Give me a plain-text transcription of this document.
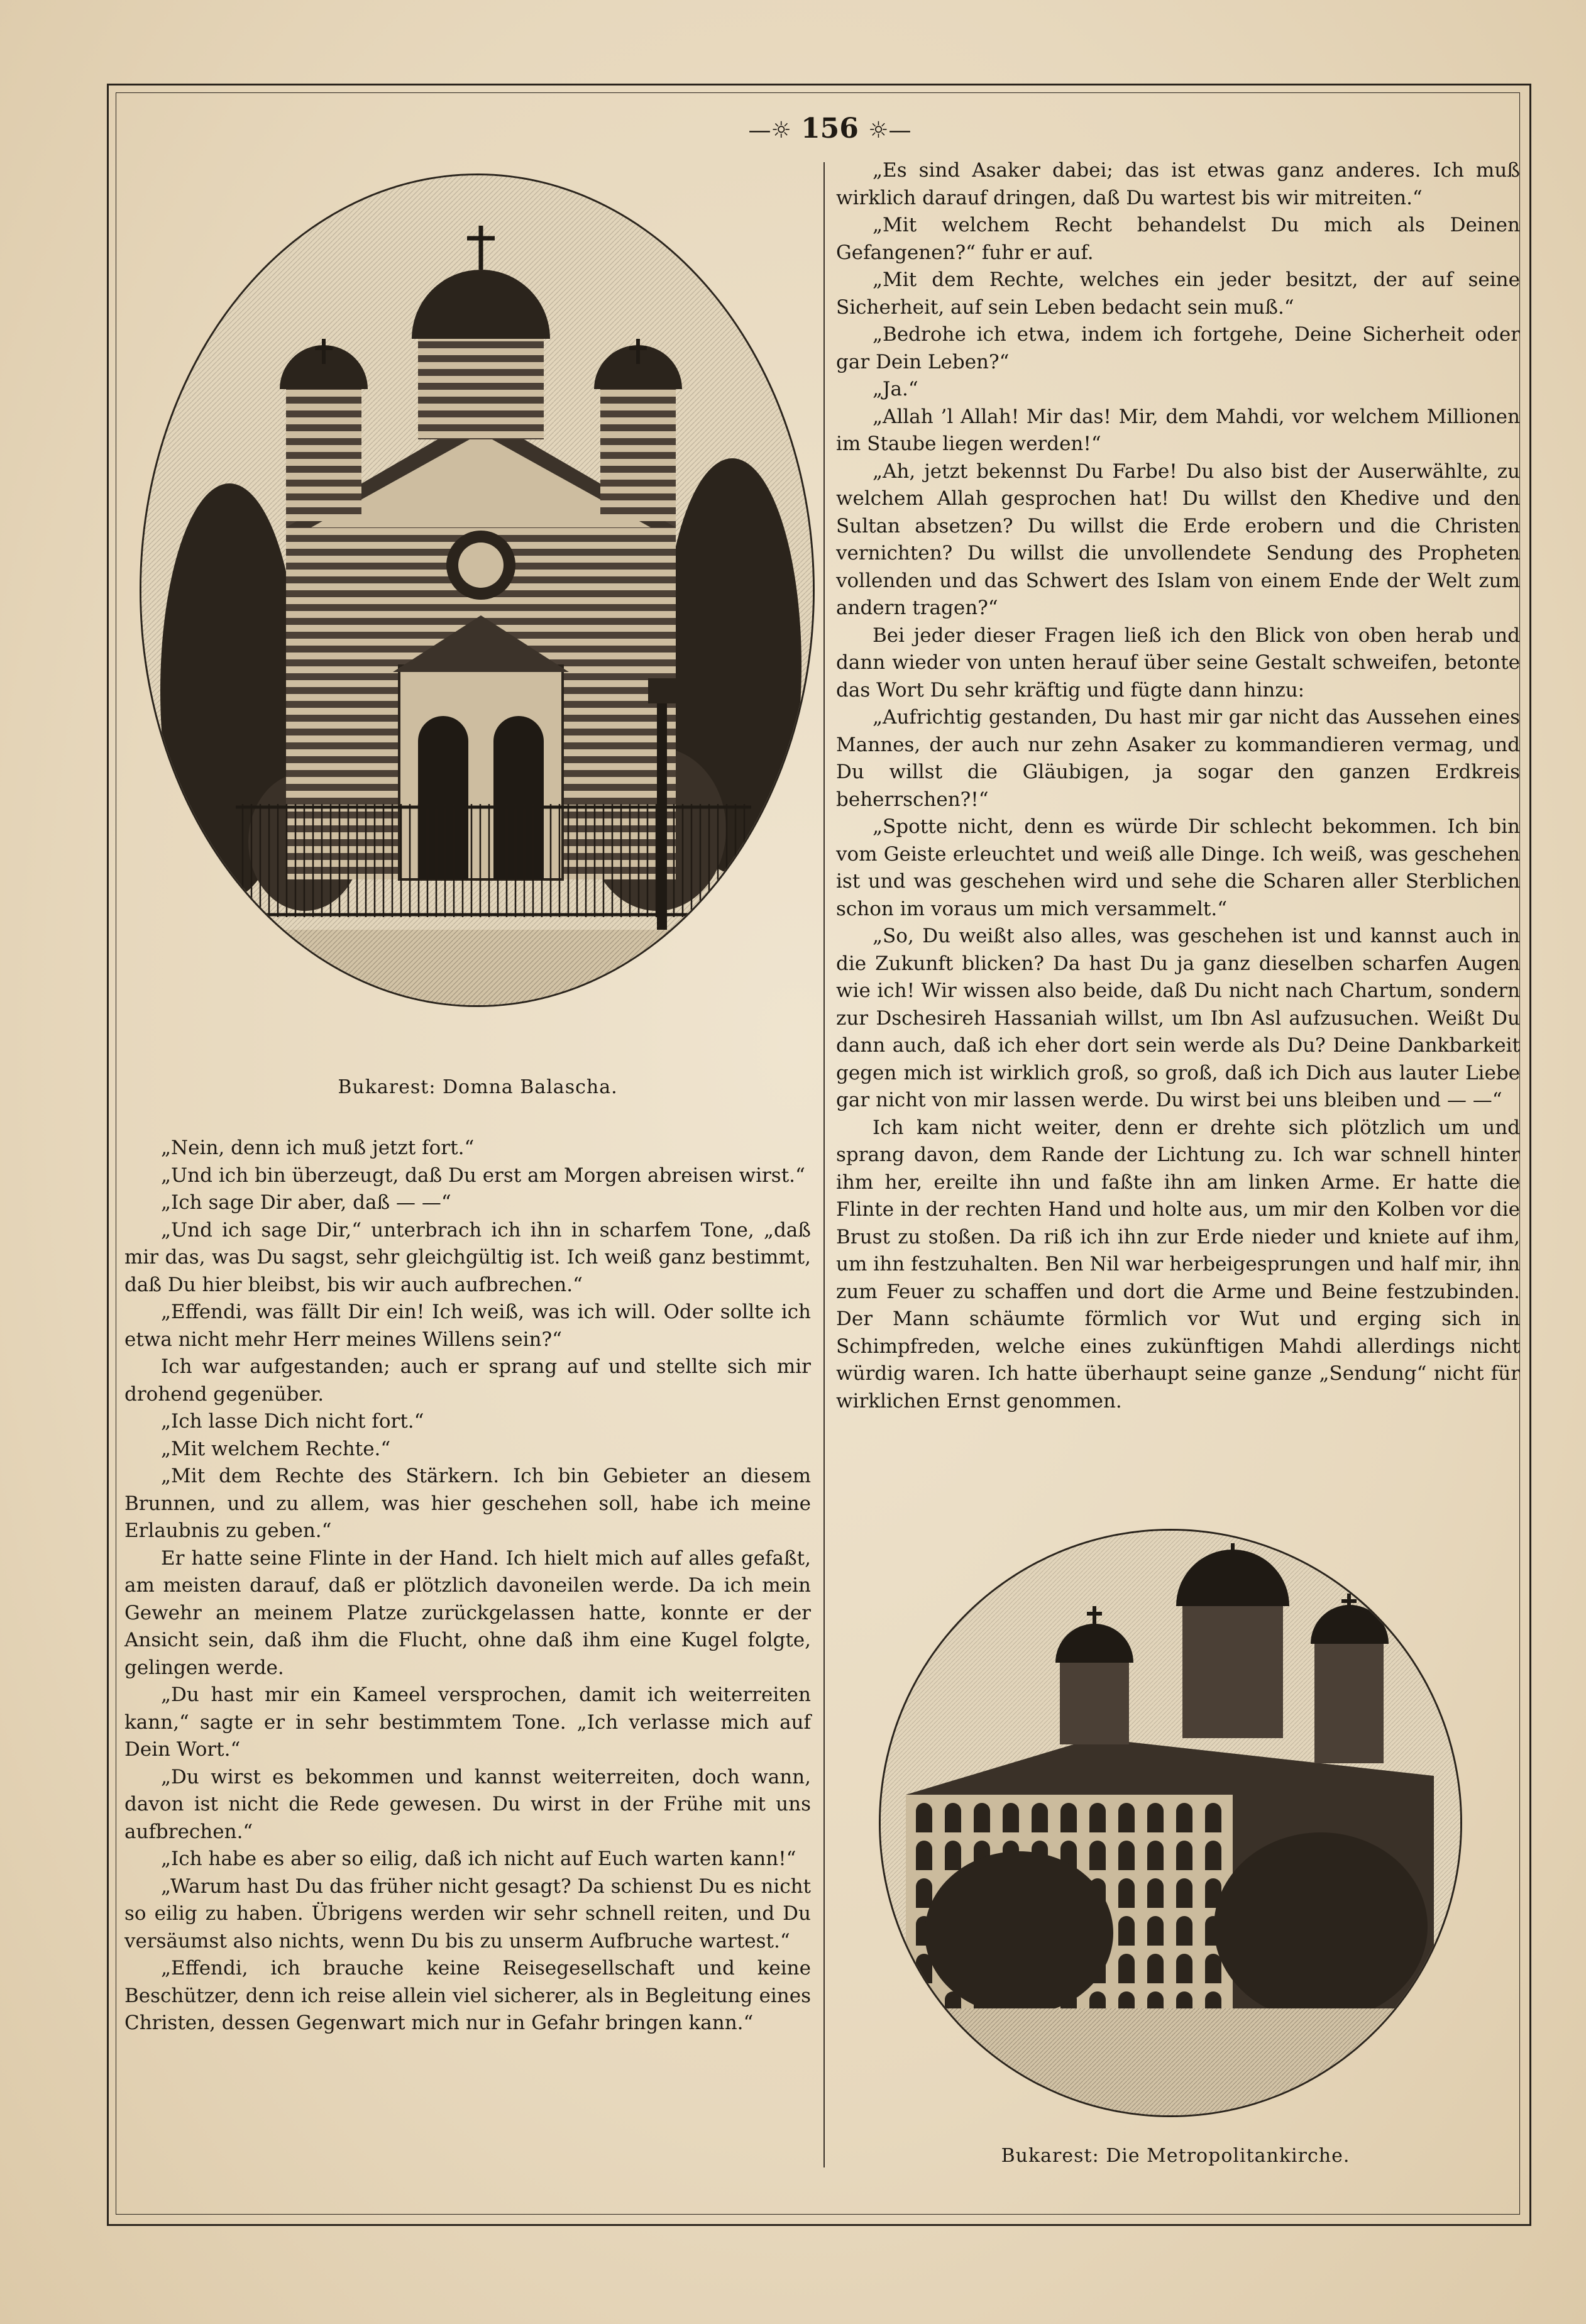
—☼ 156 ☼—
Bukarest: Domna Balascha.
Bukarest: Die Metropolitankirche.

„Nein, denn ich muß jetzt fort.“

„Und ich bin überzeugt, daß Du erst am Morgen abreisen wirst.“

„Ich sage Dir aber, daß — —“

„Und ich sage Dir,“ unterbrach ich ihn in scharfem Tone, „daß mir das, was Du sagst, sehr gleichgültig ist. Ich weiß ganz bestimmt, daß Du hier bleibst, bis wir auch aufbrechen.“

„Effendi, was fällt Dir ein! Ich weiß, was ich will. Oder sollte ich etwa nicht mehr Herr meines Willens sein?“

Ich war aufgestanden; auch er sprang auf und stellte sich mir drohend gegenüber.

„Ich lasse Dich nicht fort.“

„Mit welchem Rechte.“

„Mit dem Rechte des Stärkern. Ich bin Gebieter an diesem Brunnen, und zu allem, was hier geschehen soll, habe ich meine Erlaubnis zu geben.“

Er hatte seine Flinte in der Hand. Ich hielt mich auf alles gefaßt, am meisten darauf, daß er plötzlich davoneilen werde. Da ich mein Gewehr an meinem Platze zurückgelassen hatte, konnte er der Ansicht sein, daß ihm die Flucht, ohne daß ihm eine Kugel folgte, gelingen werde.

„Du hast mir ein Kameel versprochen, damit ich weiterreiten kann,“ sagte er in sehr bestimmtem Tone. „Ich verlasse mich auf Dein Wort.“

„Du wirst es bekommen und kannst weiterreiten, doch wann, davon ist nicht die Rede gewesen. Du wirst in der Frühe mit uns aufbrechen.“

„Ich habe es aber so eilig, daß ich nicht auf Euch warten kann!“

„Warum hast Du das früher nicht gesagt? Da schienst Du es nicht so eilig zu haben. Übrigens werden wir sehr schnell reiten, und Du versäumst also nichts, wenn Du bis zu unserm Aufbruche wartest.“

„Effendi, ich brauche keine Reisegesellschaft und keine Beschützer, denn ich reise allein viel sicherer, als in Begleitung eines Christen, dessen Gegenwart mich nur in Gefahr bringen kann.“

„Es sind Asaker dabei; das ist etwas ganz anderes. Ich muß wirklich darauf dringen, daß Du wartest bis wir mitreiten.“

„Mit welchem Recht behandelst Du mich als Deinen Gefangenen?“ fuhr er auf.

„Mit dem Rechte, welches ein jeder besitzt, der auf seine Sicherheit, auf sein Leben bedacht sein muß.“

„Bedrohe ich etwa, indem ich fortgehe, Deine Sicherheit oder gar Dein Leben?“

„Ja.“

„Allah ’l Allah! Mir das! Mir, dem Mahdi, vor welchem Millionen im Staube liegen werden!“

„Ah, jetzt bekennst Du Farbe! Du also bist der Auserwählte, zu welchem Allah gesprochen hat! Du willst den Khedive und den Sultan absetzen? Du willst die Erde erobern und die Christen vernichten? Du willst die unvollendete Sendung des Propheten vollenden und das Schwert des Islam von einem Ende der Welt zum andern tragen?“

Bei jeder dieser Fragen ließ ich den Blick von oben herab und dann wieder von unten herauf über seine Gestalt schweifen, betonte das Wort Du sehr kräftig und fügte dann hinzu:

„Aufrichtig gestanden, Du hast mir gar nicht das Aussehen eines Mannes, der auch nur zehn Asaker zu kommandieren vermag, und Du willst die Gläubigen, ja sogar den ganzen Erdkreis beherrschen?!“

„Spotte nicht, denn es würde Dir schlecht bekommen. Ich bin vom Geiste erleuchtet und weiß alle Dinge. Ich weiß, was geschehen ist und was geschehen wird und sehe die Scharen aller Sterblichen schon im voraus um mich versammelt.“

„So, Du weißt also alles, was geschehen ist und kannst auch in die Zukunft blicken? Da hast Du ja ganz dieselben scharfen Augen wie ich! Wir wissen also beide, daß Du nicht nach Chartum, sondern zur Dschesireh Hassaniah willst, um Ibn Asl aufzusuchen. Weißt Du dann auch, daß ich eher dort sein werde als Du? Deine Dankbarkeit gegen mich ist wirklich groß, so groß, daß ich Dich aus lauter Liebe gar nicht von mir lassen werde. Du wirst bei uns bleiben und — —“

Ich kam nicht weiter, denn er drehte sich plötzlich um und sprang davon, dem Rande der Lichtung zu. Ich war schnell hinter ihm her, ereilte ihn und faßte ihn am linken Arme. Er hatte die Flinte in der rechten Hand und holte aus, um mir den Kolben vor die Brust zu stoßen. Da riß ich ihn zur Erde nieder und kniete auf ihm, um ihn festzuhalten. Ben Nil war herbeigesprungen und half mir, ihn zum Feuer zu schaffen und dort die Arme und Beine festzubinden. Der Mann schäumte förmlich vor Wut und erging sich in Schimpfreden, welche eines zukünftigen Mahdi allerdings nicht würdig waren. Ich hatte überhaupt seine ganze „Sendung“ nicht für wirklichen Ernst genommen.
